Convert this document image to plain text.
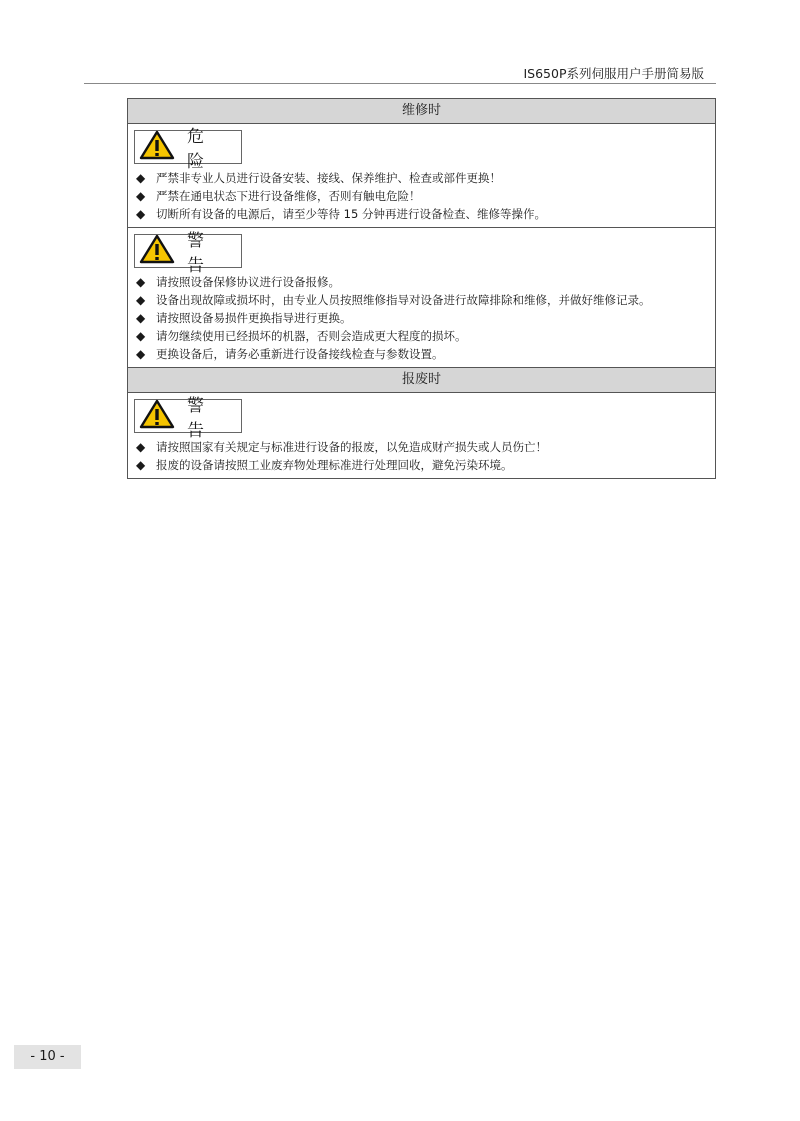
IS650P系列伺服用户手册简易版
维修时
危险
◆ 严禁非专业人员进行设备安装、接线、保养维护、检查或部件更换！
◆ 严禁在通电状态下进行设备维修，否则有触电危险！
◆ 切断所有设备的电源后，请至少等待 15 分钟再进行设备检查、维修等操作。
警告
◆ 请按照设备保修协议进行设备报修。
◆ 设备出现故障或损坏时，由专业人员按照维修指导对设备进行故障排除和维修，并做好维修记录。
◆ 请按照设备易损件更换指导进行更换。
◆ 请勿继续使用已经损坏的机器，否则会造成更大程度的损坏。
◆ 更换设备后，请务必重新进行设备接线检查与参数设置。
报废时
警告
◆ 请按照国家有关规定与标准进行设备的报废，以免造成财产损失或人员伤亡！
◆ 报废的设备请按照工业废弃物处理标准进行处理回收，避免污染环境。
- 10 -
